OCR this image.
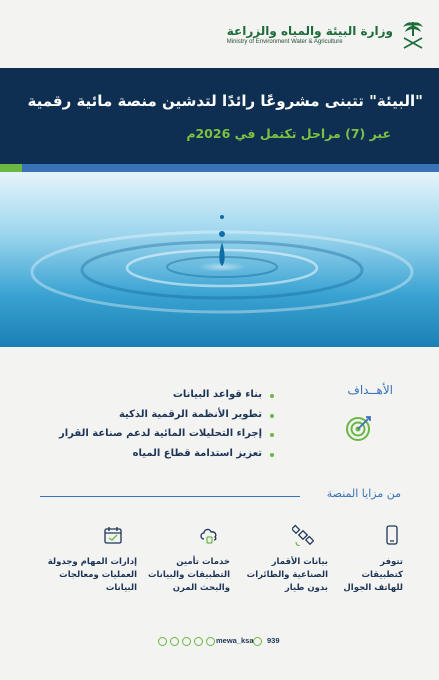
وزارة البيئة والمياه والزراعة
Ministry of Environment Water & Agriculture
"البيئة" تتبنى مشروعًا رائدًا لتدشين منصة مائية رقمية
عبر (7) مراحل تكتمل في 2026م
الأهــداف
بناء قواعد البيانات
تطوير الأنظمة الرقمية الذكية
إجراء التحليلات المائية لدعم صناعة القرار
تعزيز استدامة قطاع المياه
من مزايا المنصة
تتوفر
كتطبيقات
للهاتف الجوال
بيانات الأقمار
الصناعية والطائرات
بدون طيار
خدمات تأمين
التطبيقات والبيانات
والبحث المرن
إدارات المهام وجدولة
العمليات ومعالجات
البيانات
mewa_ksa 939
